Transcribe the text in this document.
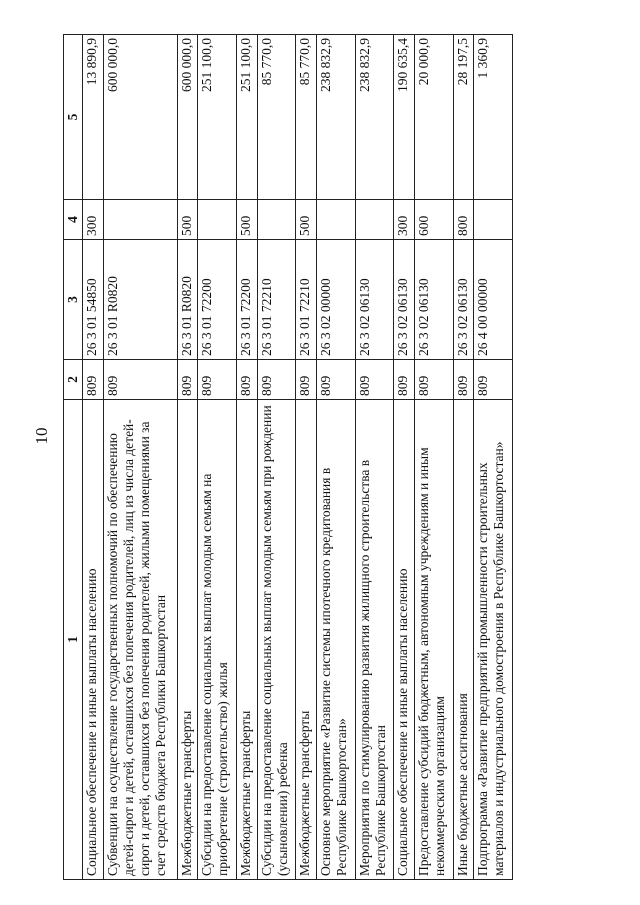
10
1	2	3	4	5
Социальное обеспечение и иные выплаты населению	809	26 3 01 54850	300	13 890,9
Субвенции на осуществление государственных полномочий по обеспечению детей-сирот и детей, оставшихся без попечения родителей, лиц из числа детей-сирот и детей, оставшихся без попечения родителей, жилыми помещениями за счет средств бюджета Республики Башкортостан	809	26 3 01 R0820		600 000,0
Межбюджетные трансферты	809	26 3 01 R0820	500	600 000,0
Субсидии на предоставление социальных выплат молодым семьям на приобретение (строительство) жилья	809	26 3 01 72200		251 100,0
Межбюджетные трансферты	809	26 3 01 72200	500	251 100,0
Субсидии на предоставление социальных выплат молодым семьям при рождении (усыновлении) ребенка	809	26 3 01 72210		85 770,0
Межбюджетные трансферты	809	26 3 01 72210	500	85 770,0
Основное мероприятие «Развитие системы ипотечного кредитования в Республике Башкортостан»	809	26 3 02 00000		238 832,9
Мероприятия по стимулированию развития жилищного строительства в Республике Башкортостан	809	26 3 02 06130		238 832,9
Социальное обеспечение и иные выплаты населению	809	26 3 02 06130	300	190 635,4
Предоставление субсидий бюджетным, автономным учреждениям и иным некоммерческим организациям	809	26 3 02 06130	600	20 000,0
Иные бюджетные ассигнования	809	26 3 02 06130	800	28 197,5
Подпрограмма «Развитие предприятий промышленности строительных материалов и индустриального домостроения в Республике Башкортостан»	809	26 4 00 00000		1 360,9
